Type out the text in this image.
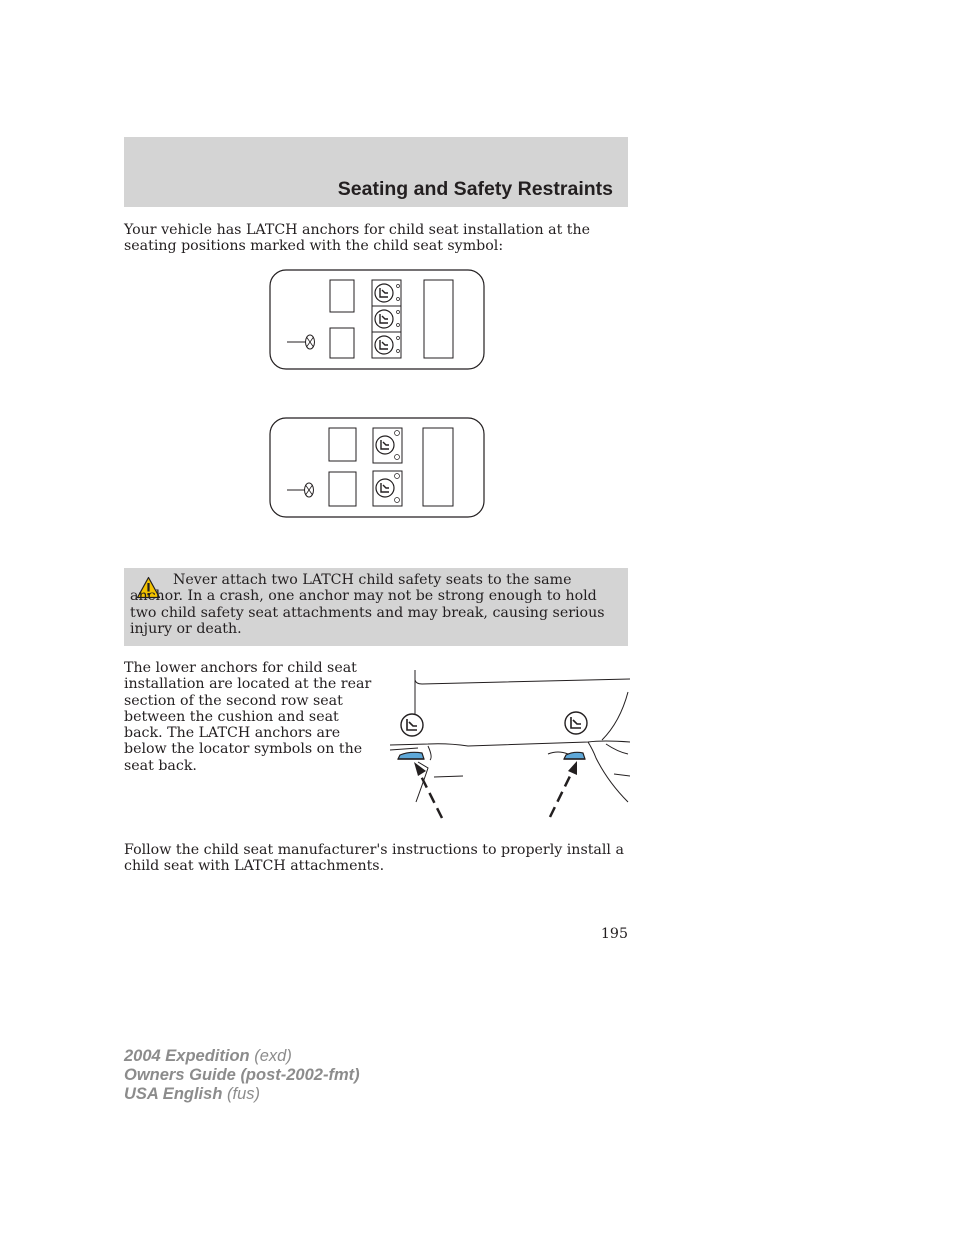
Seating and Safety Restraints
Your vehicle has LATCH anchors for child seat installation at the seating positions marked with the child seat symbol:

Never attach two LATCH child safety seats to the same anchor. In a crash, one anchor may not be strong enough to hold two child safety seat attachments and may break, causing serious injury or death.

The lower anchors for child seat installation are located at the rear section of the second row seat between the cushion and seat back. The LATCH anchors are below the locator symbols on the seat back.
Follow the child seat manufacturer's instructions to properly install a child seat with LATCH attachments.
195
2004 Expedition (exd)
Owners Guide (post-2002-fmt)
USA English (fus)
